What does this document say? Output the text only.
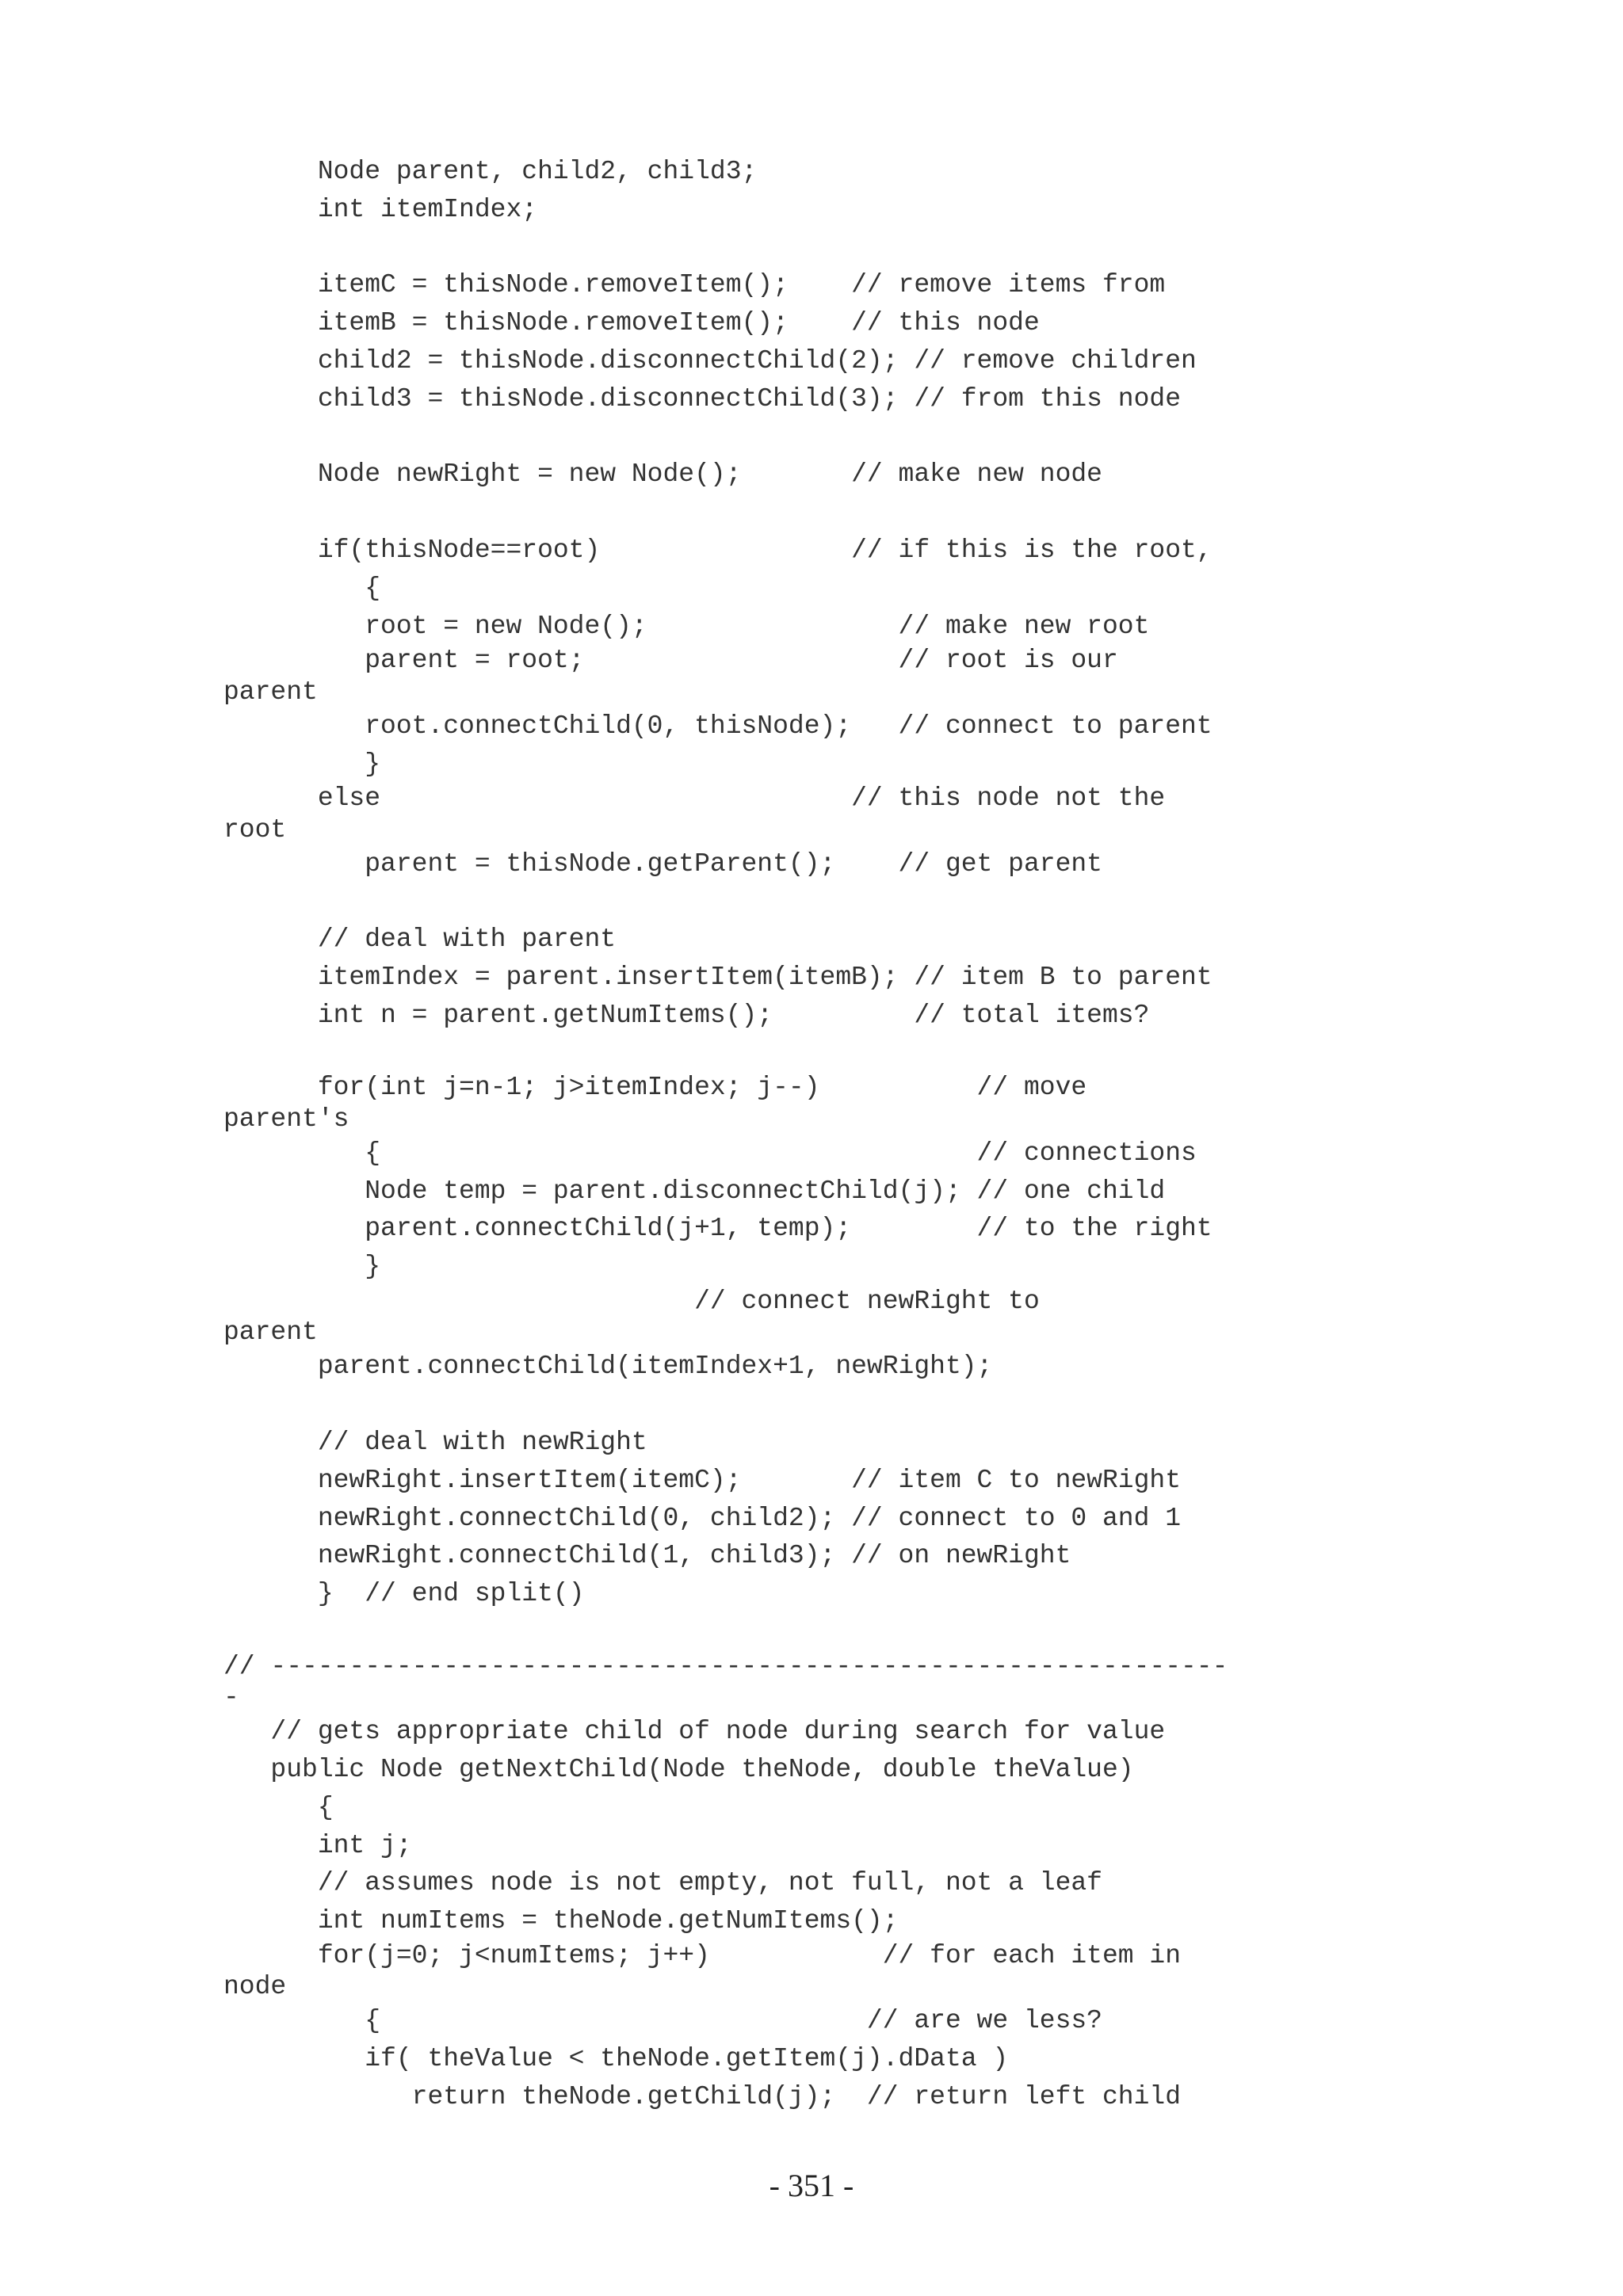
Node parent, child2, child3;
int itemIndex;
itemC = thisNode.removeItem();    // remove items from
itemB = thisNode.removeItem();    // this node
child2 = thisNode.disconnectChild(2); // remove children
child3 = thisNode.disconnectChild(3); // from this node
Node newRight = new Node();       // make new node
if(thisNode==root)                // if this is the root,
{
root = new Node();                // make new root
parent = root;                    // root is our
parent
root.connectChild(0, thisNode);   // connect to parent
}
else                              // this node not the
root
parent = thisNode.getParent();    // get parent
// deal with parent
itemIndex = parent.insertItem(itemB); // item B to parent
int n = parent.getNumItems();         // total items?
for(int j=n-1; j>itemIndex; j--)          // move
parent's
{                                      // connections
Node temp = parent.disconnectChild(j); // one child
parent.connectChild(j+1, temp);        // to the right
}
// connect newRight to
parent
parent.connectChild(itemIndex+1, newRight);
// deal with newRight
newRight.insertItem(itemC);       // item C to newRight
newRight.connectChild(0, child2); // connect to 0 and 1
newRight.connectChild(1, child3); // on newRight
}  // end split()
// -------------------------------------------------------------
-
// gets appropriate child of node during search for value
public Node getNextChild(Node theNode, double theValue)
{
int j;
// assumes node is not empty, not full, not a leaf
int numItems = theNode.getNumItems();
for(j=0; j<numItems; j++)           // for each item in
node
{                               // are we less?
if( theValue < theNode.getItem(j).dData )
return theNode.getChild(j);  // return left child
- 351 -
